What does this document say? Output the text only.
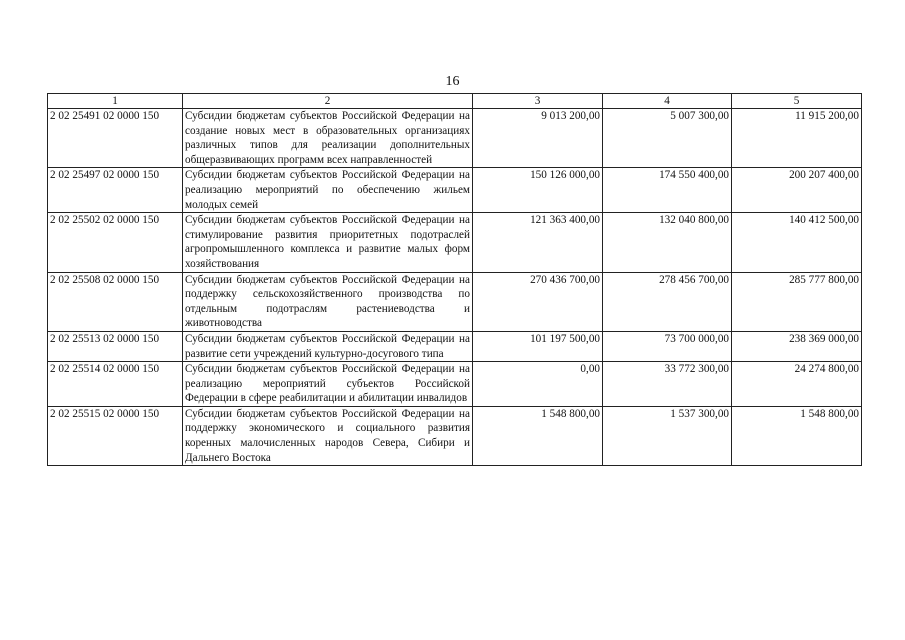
16
1	2	3	4	5
2 02 25491 02 0000 150	Субсидии бюджетам субъектов Российской Федерации на создание новых мест в образовательных организациях различных типов для реализации дополнительных общеразвивающих программ всех направленностей	9 013 200,00	5 007 300,00	11 915 200,00
2 02 25497 02 0000 150	Субсидии бюджетам субъектов Российской Федерации на реализацию мероприятий по обеспечению жильем молодых семей	150 126 000,00	174 550 400,00	200 207 400,00
2 02 25502 02 0000 150	Субсидии бюджетам субъектов Российской Федерации на стимулирование развития приоритетных подотраслей агропромышленного комплекса и развитие малых форм хозяйствования	121 363 400,00	132 040 800,00	140 412 500,00
2 02 25508 02 0000 150	Субсидии бюджетам субъектов Российской Федерации на поддержку сельскохозяйственного производства по отдельным подотраслям растениеводства и животноводства	270 436 700,00	278 456 700,00	285 777 800,00
2 02 25513 02 0000 150	Субсидии бюджетам субъектов Российской Федерации на развитие сети учреждений культурно-досугового типа	101 197 500,00	73 700 000,00	238 369 000,00
2 02 25514 02 0000 150	Субсидии бюджетам субъектов Российской Федерации на реализацию мероприятий субъектов Российской Федерации в сфере реабилитации и абилитации инвалидов	0,00	33 772 300,00	24 274 800,00
2 02 25515 02 0000 150	Субсидии бюджетам субъектов Российской Федерации на поддержку экономического и социального развития коренных малочисленных народов Севера, Сибири и Дальнего Востока	1 548 800,00	1 537 300,00	1 548 800,00
